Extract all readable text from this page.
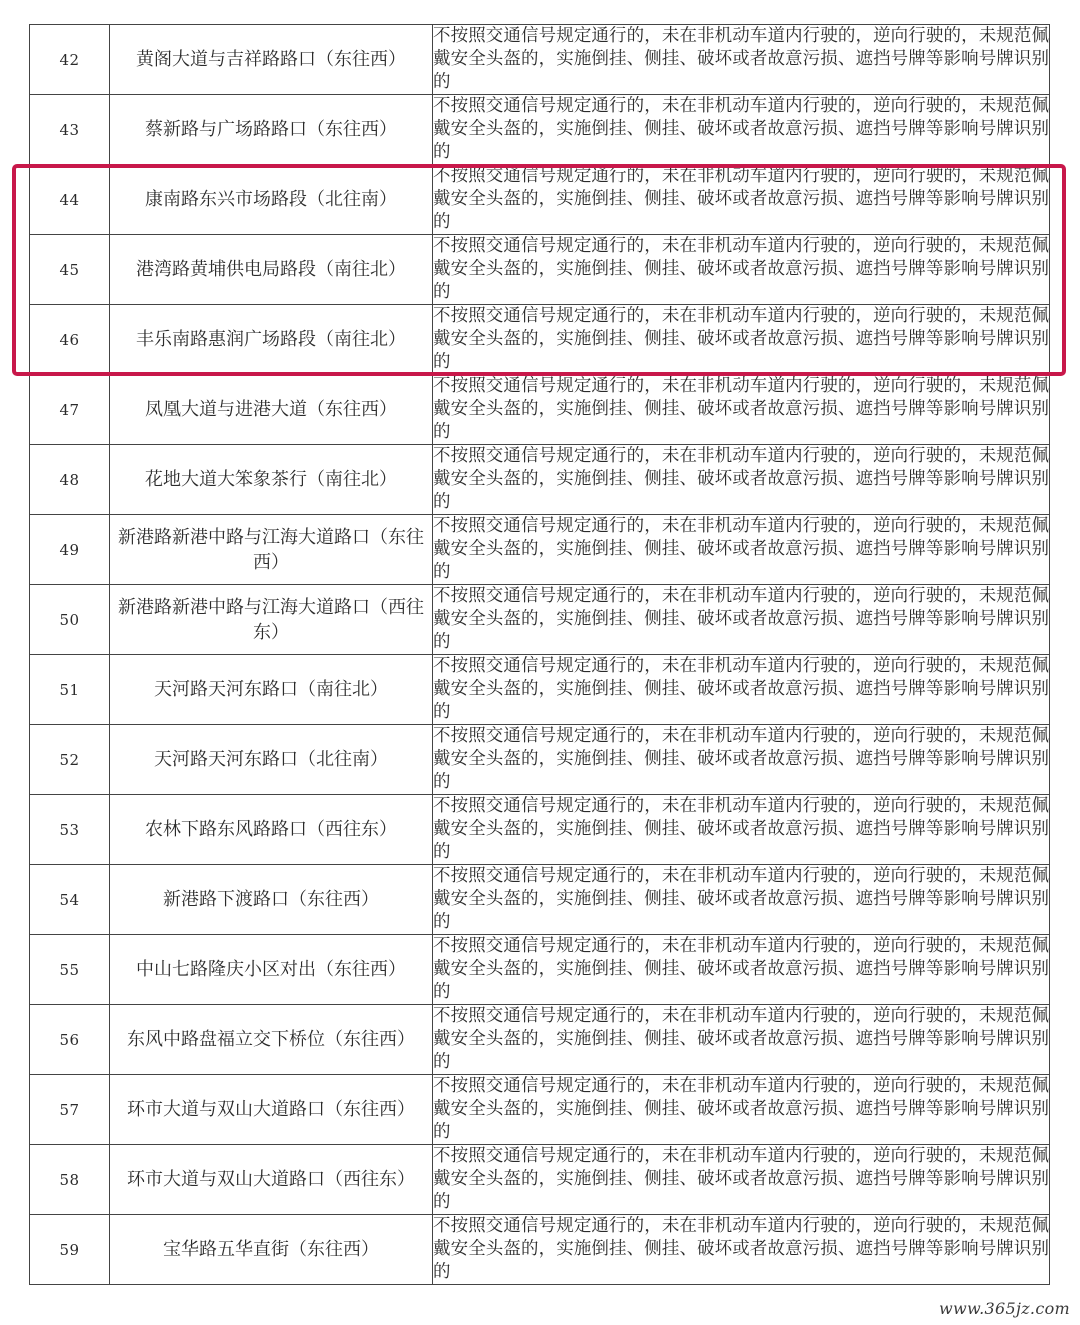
42	黄阁大道与吉祥路路口（东往西）	不按照交通信号规定通行的，未在非机动车道内行驶的，逆向行驶的，未规范佩戴安全头盔的，实施倒挂、侧挂、破坏或者故意污损、遮挡号牌等影响号牌识别的

43	蔡新路与广场路路口（东往西）	不按照交通信号规定通行的，未在非机动车道内行驶的，逆向行驶的，未规范佩戴安全头盔的，实施倒挂、侧挂、破坏或者故意污损、遮挡号牌等影响号牌识别的

44	康南路东兴市场路段（北往南）	不按照交通信号规定通行的，未在非机动车道内行驶的，逆向行驶的，未规范佩戴安全头盔的，实施倒挂、侧挂、破坏或者故意污损、遮挡号牌等影响号牌识别的

45	港湾路黄埔供电局路段（南往北）	不按照交通信号规定通行的，未在非机动车道内行驶的，逆向行驶的，未规范佩戴安全头盔的，实施倒挂、侧挂、破坏或者故意污损、遮挡号牌等影响号牌识别的

46	丰乐南路惠润广场路段（南往北）	不按照交通信号规定通行的，未在非机动车道内行驶的，逆向行驶的，未规范佩戴安全头盔的，实施倒挂、侧挂、破坏或者故意污损、遮挡号牌等影响号牌识别的

47	凤凰大道与进港大道（东往西）	不按照交通信号规定通行的，未在非机动车道内行驶的，逆向行驶的，未规范佩戴安全头盔的，实施倒挂、侧挂、破坏或者故意污损、遮挡号牌等影响号牌识别的

48	花地大道大笨象茶行（南往北）	不按照交通信号规定通行的，未在非机动车道内行驶的，逆向行驶的，未规范佩戴安全头盔的，实施倒挂、侧挂、破坏或者故意污损、遮挡号牌等影响号牌识别的

49	新港路新港中路与江海大道路口（东往西）	不按照交通信号规定通行的，未在非机动车道内行驶的，逆向行驶的，未规范佩戴安全头盔的，实施倒挂、侧挂、破坏或者故意污损、遮挡号牌等影响号牌识别的

50	新港路新港中路与江海大道路口（西往东）	不按照交通信号规定通行的，未在非机动车道内行驶的，逆向行驶的，未规范佩戴安全头盔的，实施倒挂、侧挂、破坏或者故意污损、遮挡号牌等影响号牌识别的

51	天河路天河东路口（南往北）	不按照交通信号规定通行的，未在非机动车道内行驶的，逆向行驶的，未规范佩戴安全头盔的，实施倒挂、侧挂、破坏或者故意污损、遮挡号牌等影响号牌识别的

52	天河路天河东路口（北往南）	不按照交通信号规定通行的，未在非机动车道内行驶的，逆向行驶的，未规范佩戴安全头盔的，实施倒挂、侧挂、破坏或者故意污损、遮挡号牌等影响号牌识别的

53	农林下路东风路路口（西往东）	不按照交通信号规定通行的，未在非机动车道内行驶的，逆向行驶的，未规范佩戴安全头盔的，实施倒挂、侧挂、破坏或者故意污损、遮挡号牌等影响号牌识别的

54	新港路下渡路口（东往西）	不按照交通信号规定通行的，未在非机动车道内行驶的，逆向行驶的，未规范佩戴安全头盔的，实施倒挂、侧挂、破坏或者故意污损、遮挡号牌等影响号牌识别的

55	中山七路隆庆小区对出（东往西）	不按照交通信号规定通行的，未在非机动车道内行驶的，逆向行驶的，未规范佩戴安全头盔的，实施倒挂、侧挂、破坏或者故意污损、遮挡号牌等影响号牌识别的

56	东风中路盘福立交下桥位（东往西）	不按照交通信号规定通行的，未在非机动车道内行驶的，逆向行驶的，未规范佩戴安全头盔的，实施倒挂、侧挂、破坏或者故意污损、遮挡号牌等影响号牌识别的

57	环市大道与双山大道路口（东往西）	不按照交通信号规定通行的，未在非机动车道内行驶的，逆向行驶的，未规范佩戴安全头盔的，实施倒挂、侧挂、破坏或者故意污损、遮挡号牌等影响号牌识别的

58	环市大道与双山大道路口（西往东）	不按照交通信号规定通行的，未在非机动车道内行驶的，逆向行驶的，未规范佩戴安全头盔的，实施倒挂、侧挂、破坏或者故意污损、遮挡号牌等影响号牌识别的

59	宝华路五华直街（东往西）	不按照交通信号规定通行的，未在非机动车道内行驶的，逆向行驶的，未规范佩戴安全头盔的，实施倒挂、侧挂、破坏或者故意污损、遮挡号牌等影响号牌识别的
www.365jz.com
